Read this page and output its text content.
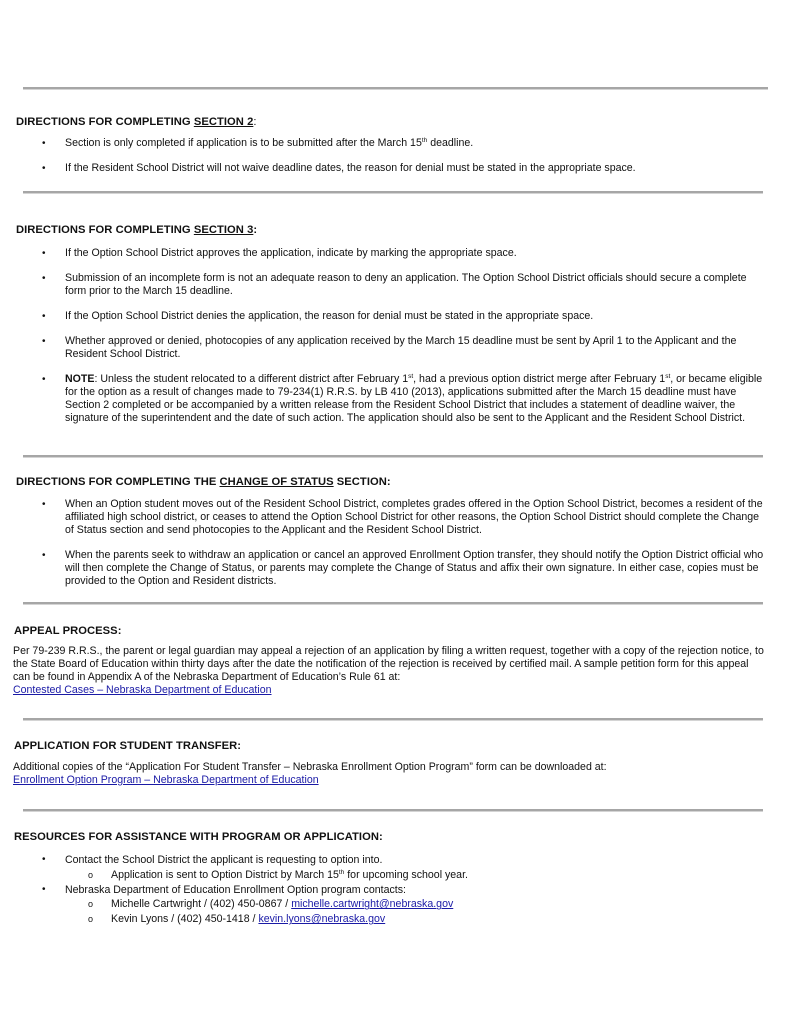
DIRECTIONS FOR COMPLETING SECTION 2:
• Section is only completed if application is to be submitted after the March 15th deadline.
• If the Resident School District will not waive deadline dates, the reason for denial must be stated in the appropriate space.
DIRECTIONS FOR COMPLETING SECTION 3:
• If the Option School District approves the application, indicate by marking the appropriate space.
• Submission of an incomplete form is not an adequate reason to deny an application. The Option School District officials should secure a complete form prior to the March 15 deadline.
• If the Option School District denies the application, the reason for denial must be stated in the appropriate space.
• Whether approved or denied, photocopies of any application received by the March 15 deadline must be sent by April 1 to the Applicant and the Resident School District.
• NOTE: Unless the student relocated to a different district after February 1st, had a previous option district merge after February 1st, or became eligible for the option as a result of changes made to 79-234(1) R.R.S. by LB 410 (2013), applications submitted after the March 15 deadline must have Section 2 completed or be accompanied by a written release from the Resident School District that includes a statement of deadline waiver, the signature of the superintendent and the date of such action. The application should also be sent to the Applicant and the Resident School District.
DIRECTIONS FOR COMPLETING THE CHANGE OF STATUS SECTION:
• When an Option student moves out of the Resident School District, completes grades offered in the Option School District, becomes a resident of the affiliated high school district, or ceases to attend the Option School District for other reasons, the Option School District should complete the Change of Status section and send photocopies to the Applicant and the Resident School District.
• When the parents seek to withdraw an application or cancel an approved Enrollment Option transfer, they should notify the Option District official who will then complete the Change of Status, or parents may complete the Change of Status and affix their own signature. In either case, copies must be provided to the Option and Resident districts.
APPEAL PROCESS:
Per 79-239 R.R.S., the parent or legal guardian may appeal a rejection of an application by filing a written request, together with a copy of the rejection notice, to the State Board of Education within thirty days after the date the notification of the rejection is received by certified mail. A sample petition form for this appeal can be found in Appendix A of the Nebraska Department of Education’s Rule 61 at:
Contested Cases – Nebraska Department of Education
APPLICATION FOR STUDENT TRANSFER:
Additional copies of the “Application For Student Transfer – Nebraska Enrollment Option Program” form can be downloaded at:
Enrollment Option Program – Nebraska Department of Education
RESOURCES FOR ASSISTANCE WITH PROGRAM OR APPLICATION:
• Contact the School District the applicant is requesting to option into.
o Application is sent to Option District by March 15th for upcoming school year.
• Nebraska Department of Education Enrollment Option program contacts:
o Michelle Cartwright / (402) 450-0867 / michelle.cartwright@nebraska.gov
o Kevin Lyons / (402) 450-1418 / kevin.lyons@nebraska.gov
